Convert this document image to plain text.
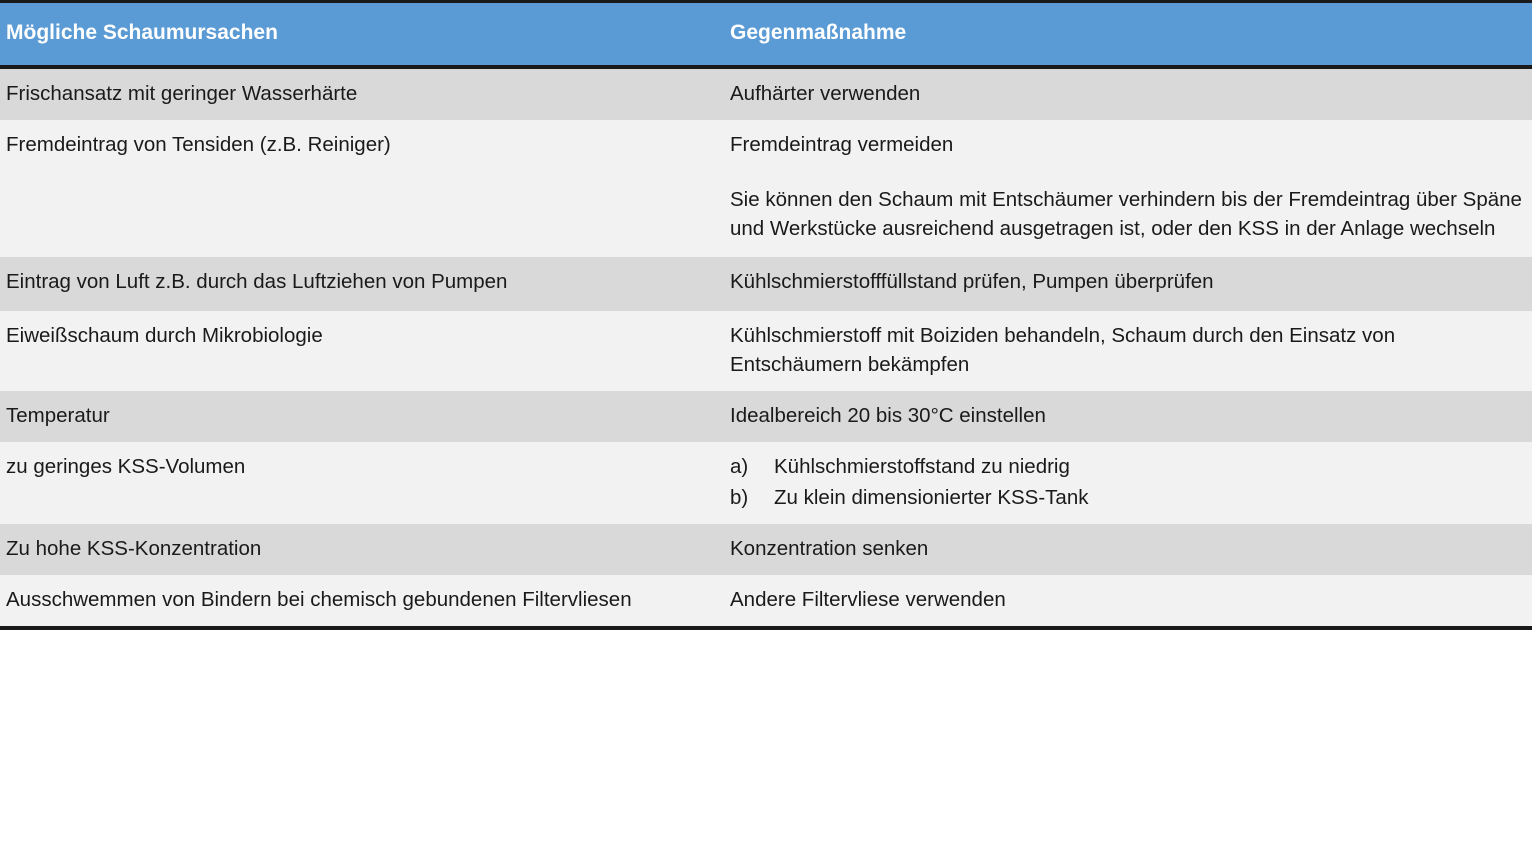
Mögliche Schaumursachen	Gegenmaßnahme
Frischansatz mit geringer Wasserhärte	Aufhärter verwenden
Fremdeintrag von Tensiden (z.B. Reiniger)	Fremdeintrag vermeiden

Sie können den Schaum mit Entschäumer verhindern bis der Fremdeintrag über Späne und Werkstücke ausreichend ausgetragen ist, oder den KSS in der Anlage wechseln

Eintrag von Luft z.B. durch das Luftziehen von Pumpen	Kühlschmierstofffüllstand prüfen, Pumpen überprüfen
Eiweißschaum durch Mikrobiologie	Kühlschmierstoff mit Boiziden behandeln, Schaum durch den Einsatz von Entschäumern bekämpfen
Temperatur	Idealbereich 20 bis 30°C einstellen
zu geringes KSS-Volumen	a) Kühlschmierstoffstand zu niedrig
b) Zu klein dimensionierter KSS-Tank

Zu hohe KSS-Konzentration	Konzentration senken
Ausschwemmen von Bindern bei chemisch gebundenen Filtervliesen	Andere Filtervliese verwenden
